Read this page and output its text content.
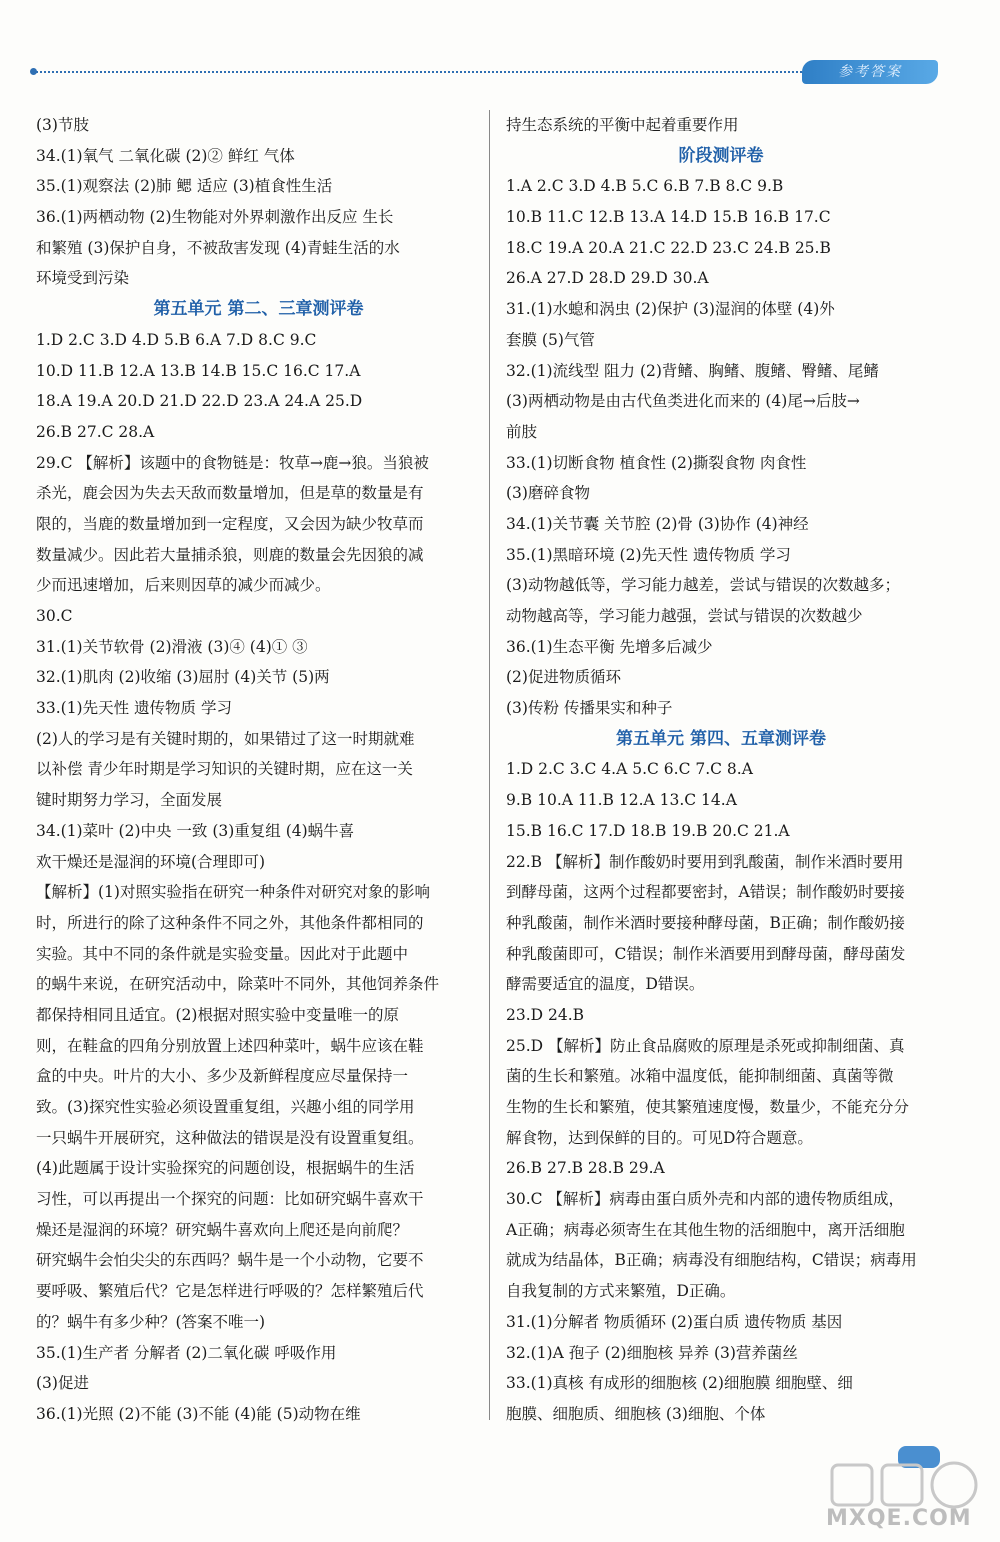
参考答案
(3)节肢
34.(1)氧气 二氧化碳 (2)② 鲜红 气体
35.(1)观察法 (2)肺 鳃 适应 (3)植食性生活
36.(1)两栖动物 (2)生物能对外界刺激作出反应 生长
和繁殖 (3)保护自身，不被敌害发现 (4)青蛙生活的水
环境受到污染
第五单元 第二、三章测评卷
1.D 2.C 3.D 4.D 5.B 6.A 7.D 8.C 9.C
10.D 11.B 12.A 13.B 14.B 15.C 16.C 17.A
18.A 19.A 20.D 21.D 22.D 23.A 24.A 25.D
26.B 27.C 28.A
29.C 【解析】该题中的食物链是：牧草→鹿→狼。当狼被
杀光，鹿会因为失去天敌而数量增加，但是草的数量是有
限的，当鹿的数量增加到一定程度，又会因为缺少牧草而
数量减少。因此若大量捕杀狼，则鹿的数量会先因狼的减
少而迅速增加，后来则因草的减少而减少。
30.C
31.(1)关节软骨 (2)滑液 (3)④ (4)① ③
32.(1)肌肉 (2)收缩 (3)屈肘 (4)关节 (5)两
33.(1)先天性 遗传物质 学习
(2)人的学习是有关键时期的，如果错过了这一时期就难
以补偿 青少年时期是学习知识的关键时期，应在这一关
键时期努力学习，全面发展
34.(1)菜叶 (2)中央 一致 (3)重复组 (4)蜗牛喜
欢干燥还是湿润的环境(合理即可)
【解析】(1)对照实验指在研究一种条件对研究对象的影响
时，所进行的除了这种条件不同之外，其他条件都相同的
实验。其中不同的条件就是实验变量。因此对于此题中
的蜗牛来说，在研究活动中，除菜叶不同外，其他饲养条件
都保持相同且适宜。(2)根据对照实验中变量唯一的原
则，在鞋盒的四角分别放置上述四种菜叶，蜗牛应该在鞋
盒的中央。叶片的大小、多少及新鲜程度应尽量保持一
致。(3)探究性实验必须设置重复组，兴趣小组的同学用
一只蜗牛开展研究，这种做法的错误是没有设置重复组。
(4)此题属于设计实验探究的问题创设，根据蜗牛的生活
习性，可以再提出一个探究的问题：比如研究蜗牛喜欢干
燥还是湿润的环境？研究蜗牛喜欢向上爬还是向前爬？
研究蜗牛会怕尖尖的东西吗？蜗牛是一个小动物，它要不
要呼吸、繁殖后代？它是怎样进行呼吸的？怎样繁殖后代
的？蜗牛有多少种？(答案不唯一)
35.(1)生产者 分解者 (2)二氧化碳 呼吸作用
(3)促进
36.(1)光照 (2)不能 (3)不能 (4)能 (5)动物在维
持生态系统的平衡中起着重要作用
阶段测评卷
1.A 2.C 3.D 4.B 5.C 6.B 7.B 8.C 9.B
10.B 11.C 12.B 13.A 14.D 15.B 16.B 17.C
18.C 19.A 20.A 21.C 22.D 23.C 24.B 25.B
26.A 27.D 28.D 29.D 30.A
31.(1)水螅和涡虫 (2)保护 (3)湿润的体壁 (4)外
套膜 (5)气管
32.(1)流线型 阻力 (2)背鳍、胸鳍、腹鳍、臀鳍、尾鳍
(3)两栖动物是由古代鱼类进化而来的 (4)尾→后肢→
前肢
33.(1)切断食物 植食性 (2)撕裂食物 肉食性
(3)磨碎食物
34.(1)关节囊 关节腔 (2)骨 (3)协作 (4)神经
35.(1)黑暗环境 (2)先天性 遗传物质 学习
(3)动物越低等，学习能力越差，尝试与错误的次数越多；
动物越高等，学习能力越强，尝试与错误的次数越少
36.(1)生态平衡 先增多后减少
(2)促进物质循环
(3)传粉 传播果实和种子
第五单元 第四、五章测评卷
1.D 2.C 3.C 4.A 5.C 6.C 7.C 8.A
9.B 10.A 11.B 12.A 13.C 14.A
15.B 16.C 17.D 18.B 19.B 20.C 21.A
22.B 【解析】制作酸奶时要用到乳酸菌，制作米酒时要用
到酵母菌，这两个过程都要密封，A错误；制作酸奶时要接
种乳酸菌，制作米酒时要接种酵母菌，B正确；制作酸奶接
种乳酸菌即可，C错误；制作米酒要用到酵母菌，酵母菌发
酵需要适宜的温度，D错误。
23.D 24.B
25.D 【解析】防止食品腐败的原理是杀死或抑制细菌、真
菌的生长和繁殖。冰箱中温度低，能抑制细菌、真菌等微
生物的生长和繁殖，使其繁殖速度慢，数量少，不能充分分
解食物，达到保鲜的目的。可见D符合题意。
26.B 27.B 28.B 29.A
30.C 【解析】病毒由蛋白质外壳和内部的遗传物质组成，
A正确；病毒必须寄生在其他生物的活细胞中，离开活细胞
就成为结晶体，B正确；病毒没有细胞结构，C错误；病毒用
自我复制的方式来繁殖，D正确。
31.(1)分解者 物质循环 (2)蛋白质 遗传物质 基因
32.(1)A 孢子 (2)细胞核 异养 (3)营养菌丝
33.(1)真核 有成形的细胞核 (2)细胞膜 细胞壁、细
胞膜、细胞质、细胞核 (3)细胞、个体
MXQE.COM
